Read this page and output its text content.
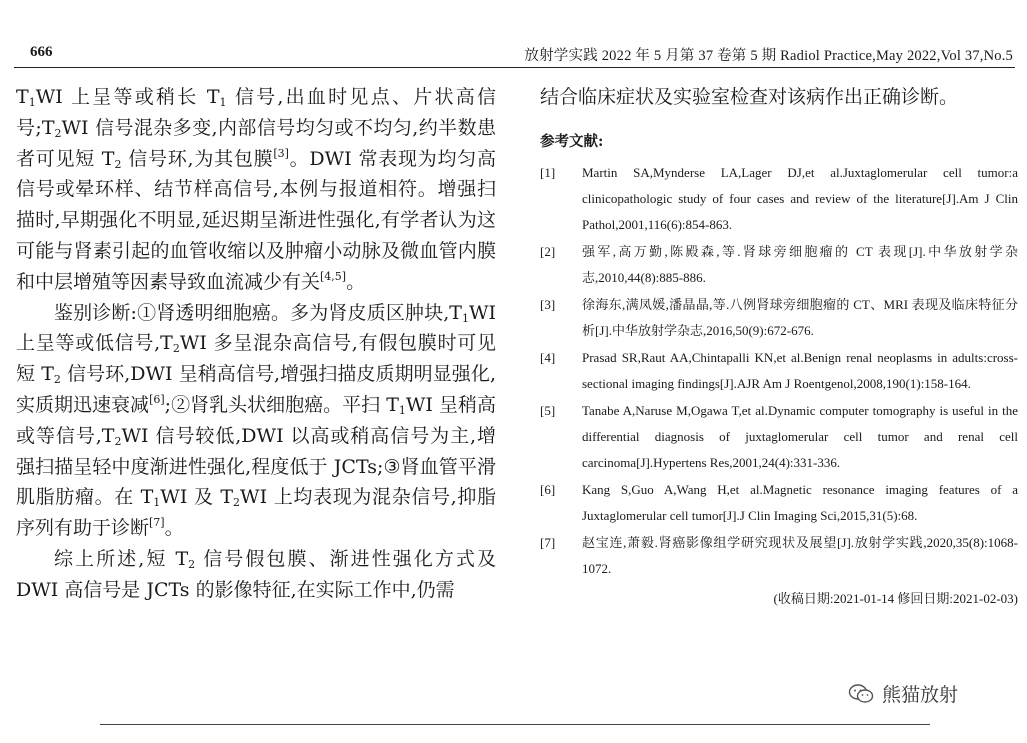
666	放射学实践 2022 年 5 月第 37 卷第 5 期 Radiol Practice,May 2022,Vol 37,No.5

$T_1WI$ 上呈等或稍长 $T_1$ 信号,出血时见点、片状高信号$;T_2WI$ 信号混杂多变,内部信号均匀或不均匀,约半数患者可见短 $T_2$ 信号环,为其包膜[3]。DWI 常表现为均匀高信号或晕环样、结节样高信号,本例与报道相符。增强扫描时,早期强化不明显,延迟期呈渐进性强化,有学者认为这可能与肾素引起的血管收缩以及肿瘤小动脉及微血管内膜和中层增殖等因素导致血流减少有关[4,5]。

鉴别诊断:①肾透明细胞癌。多为肾皮质区肿块$,T_1WI$ 上呈等或低信号$,T_2WI$ 多呈混杂高信号,有假包膜时可见短 $T_2$ 信号环,DWI 呈稍高信号,增强扫描皮质期明显强化,实质期迅速衰减[6];②肾乳头状细胞癌。平扫 $T_1WI$ 呈稍高或等信号$,T_2WI$ 信号较低,DWI 以高或稍高信号为主,增强扫描呈轻中度渐进性强化,程度低于 JCTs;③肾血管平滑肌脂肪瘤。在 $T_1WI$ 及 $T_2WI$ 上均表现为混杂信号,抑脂序列有助于诊断[7]。

综上所述,短 $T_2$ 信号假包膜、渐进性强化方式及 DWI 高信号是 JCTs 的影像特征,在实际工作中,仍需

结合临床症状及实验室检查对该病作出正确诊断。

参考文献:
[1] Martin SA,Mynderse LA,Lager DJ,et al.Juxtaglomerular cell tumor:a clinicopathologic study of four cases and review of the literature[J].Am J Clin Pathol,2001,116(6):854-863.
[2] 强军,高万勤,陈殿森,等.肾球旁细胞瘤的 CT 表现[J].中华放射学杂志,2010,44(8):885-886.
[3] 徐海东,满凤媛,潘晶晶,等.八例肾球旁细胞瘤的 CT、MRI 表现及临床特征分析[J].中华放射学杂志,2016,50(9):672-676.
[4] Prasad SR,Raut AA,Chintapalli KN,et al.Benign renal neoplasms in adults:cross-sectional imaging findings[J].AJR Am J Roentgenol,2008,190(1):158-164.
[5] Tanabe A,Naruse M,Ogawa T,et al.Dynamic computer tomography is useful in the differential diagnosis of juxtaglomerular cell tumor and renal cell carcinoma[J].Hypertens Res,2001,24(4):331-336.
[6] Kang S,Guo A,Wang H,et al.Magnetic resonance imaging features of a Juxtaglomerular cell tumor[J].J Clin Imaging Sci,2015,31(5):68.
[7] 赵宝连,萧毅.肾癌影像组学研究现状及展望[J].放射学实践,2020,35(8):1068-1072.
(收稿日期:2021-01-14 修回日期:2021-02-03)
熊猫放射
